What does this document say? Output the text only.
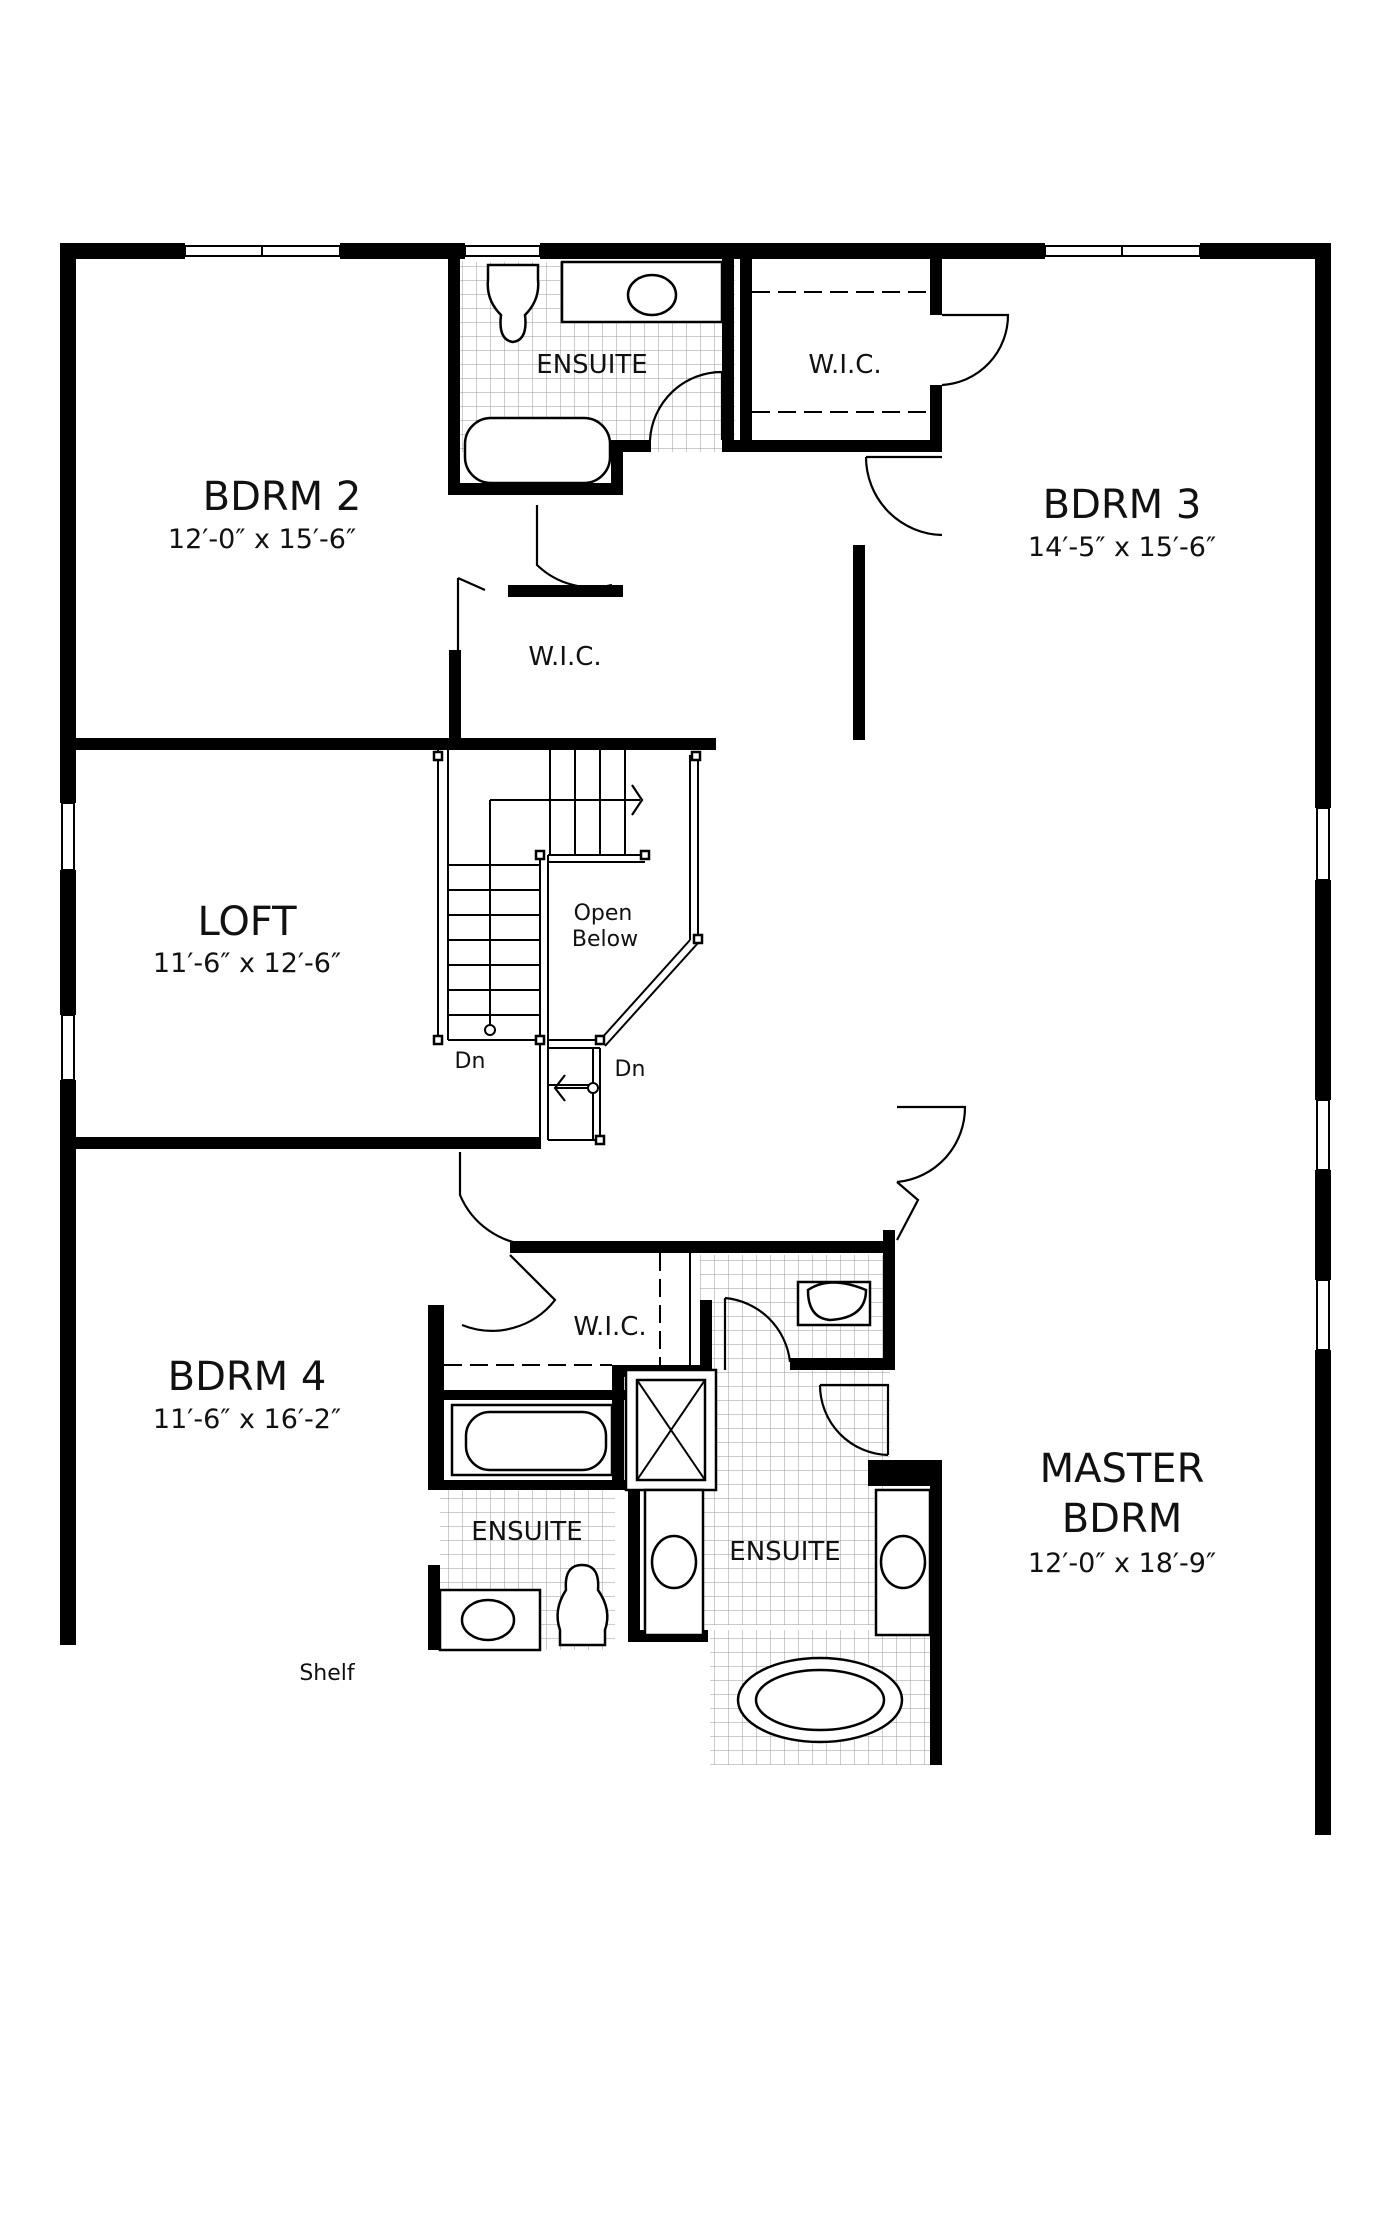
BDRM 2
12′-0″ x 15′-6″
BDRM 3
14′-5″ x 15′-6″
LOFT
11′-6″ x 12′-6″
BDRM 4
11′-6″ x 16′-2″
MASTER
BDRM
12′-0″ x 18′-9″
ENSUITE	W.I.C.
W.I.C.
W.I.C.
ENSUITE
ENSUITE
Open
Below
Dn	Dn
Shelf
